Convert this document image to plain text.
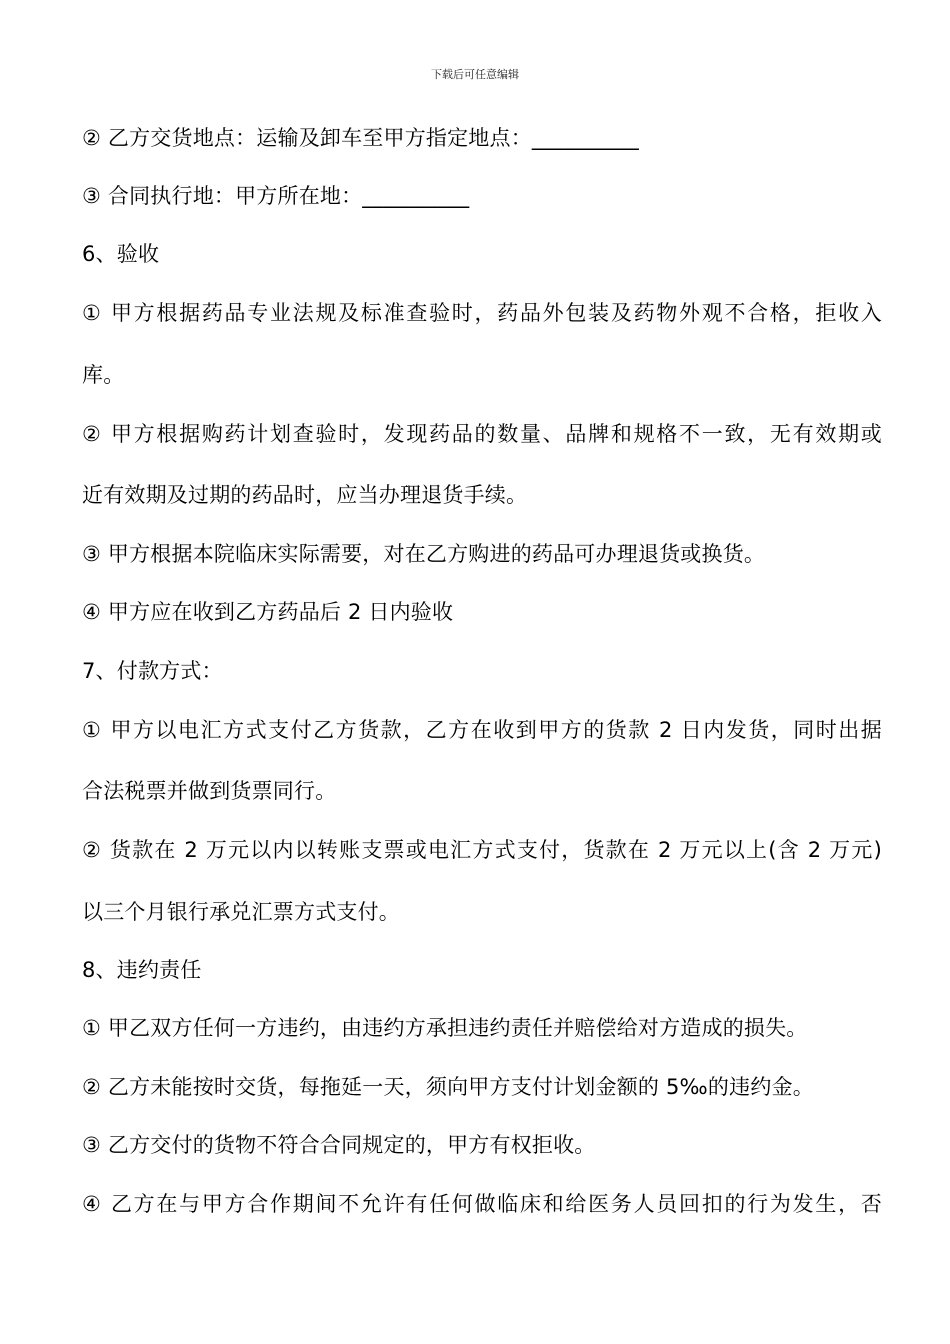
下载后可任意编辑
② 乙方交货地点：运输及卸车至甲方指定地点：__________
③ 合同执行地：甲方所在地：__________
6、验收
① 甲方根据药品专业法规及标准查验时，药品外包装及药物外观不合格，拒收入
库。
② 甲方根据购药计划查验时，发现药品的数量、品牌和规格不一致，无有效期或
近有效期及过期的药品时，应当办理退货手续。
③ 甲方根据本院临床实际需要，对在乙方购进的药品可办理退货或换货。
④ 甲方应在收到乙方药品后 2 日内验收
7、付款方式：
① 甲方以电汇方式支付乙方货款，乙方在收到甲方的货款 2 日内发货，同时出据
合法税票并做到货票同行。
② 货款在 2 万元以内以转账支票或电汇方式支付，货款在 2 万元以上(含 2 万元)
以三个月银行承兑汇票方式支付。
8、违约责任
① 甲乙双方任何一方违约，由违约方承担违约责任并赔偿给对方造成的损失。
② 乙方未能按时交货，每拖延一天，须向甲方支付计划金额的 5‰的违约金。
③ 乙方交付的货物不符合合同规定的，甲方有权拒收。
④ 乙方在与甲方合作期间不允许有任何做临床和给医务人员回扣的行为发生，否
